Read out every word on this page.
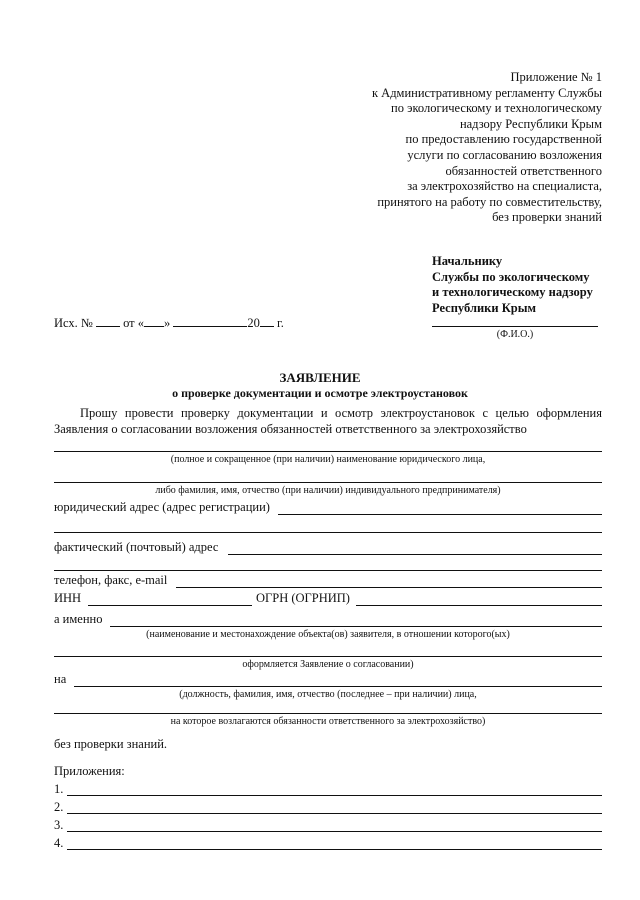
Приложение № 1
к Административному регламенту Службы
по экологическому и технологическому
надзору Республики Крым
по предоставлению государственной
услуги по согласованию возложения
обязанностей ответственного
за электрохозяйство на специалиста,
принятого на работу по совместительству,
без проверки знаний
Начальнику
Службы по экологическому
и технологическому надзору
Республики Крым
(Ф.И.О.)
Исх. № от « »	20 г.
ЗАЯВЛЕНИЕ
о проверке документации и осмотре электроустановок
Прошу провести проверку документации и осмотр электроустановок с целью оформления
Заявления о согласовании возложения обязанностей ответственного за электрохозяйство
(полное и сокращенное (при наличии) наименование юридического лица,
либо фамилия, имя, отчество (при наличии) индивидуального предпринимателя)
юридический адрес (адрес регистрации)
фактический (почтовый) адрес
телефон, факс, e-mail
ИНН	ОГРН (ОГРНИП)
а именно
(наименование и местонахождение объекта(ов) заявителя, в отношении которого(ых)
оформляется Заявление о согласовании)
на
(должность, фамилия, имя, отчество (последнее – при наличии) лица,
на которое возлагаются обязанности ответственного за электрохозяйство)
без проверки знаний.
Приложения:
1.
2.
3.
4.
